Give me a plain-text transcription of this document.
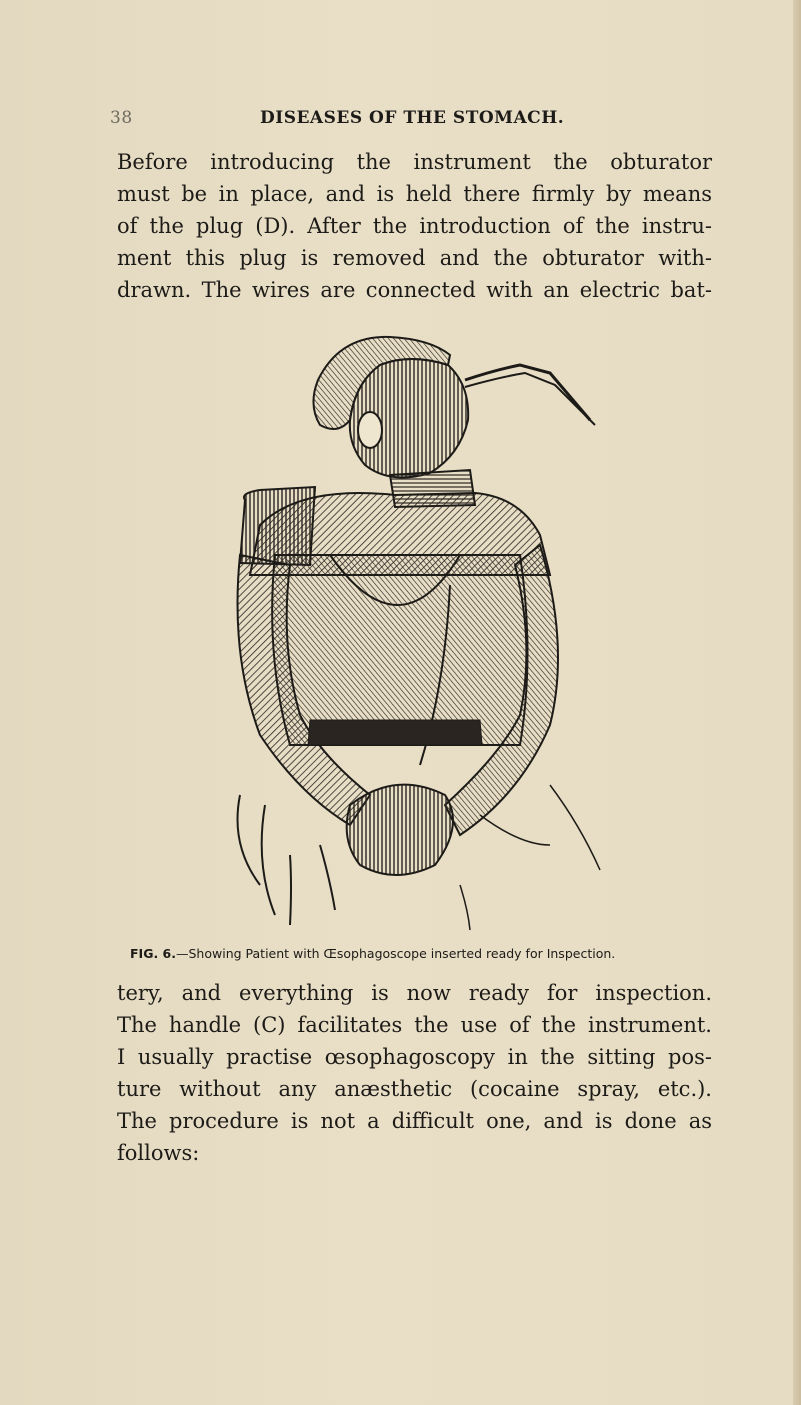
38	DISEASES OF THE STOMACH.
Before introducing the instrument the obturator
must be in place, and is held there firmly by means
of the plug (D). After the introduction of the instru-
ment this plug is removed and the obturator with-
drawn. The wires are connected with an electric bat-
FIG. 6.—Showing Patient with Œsophagoscope inserted ready for Inspection.
tery, and everything is now ready for inspection.
The handle (C) facilitates the use of the instrument.
I usually practise œsophagoscopy in the sitting pos-
ture without any anæsthetic (cocaine spray, etc.).
The procedure is not a difficult one, and is done as
follows:
